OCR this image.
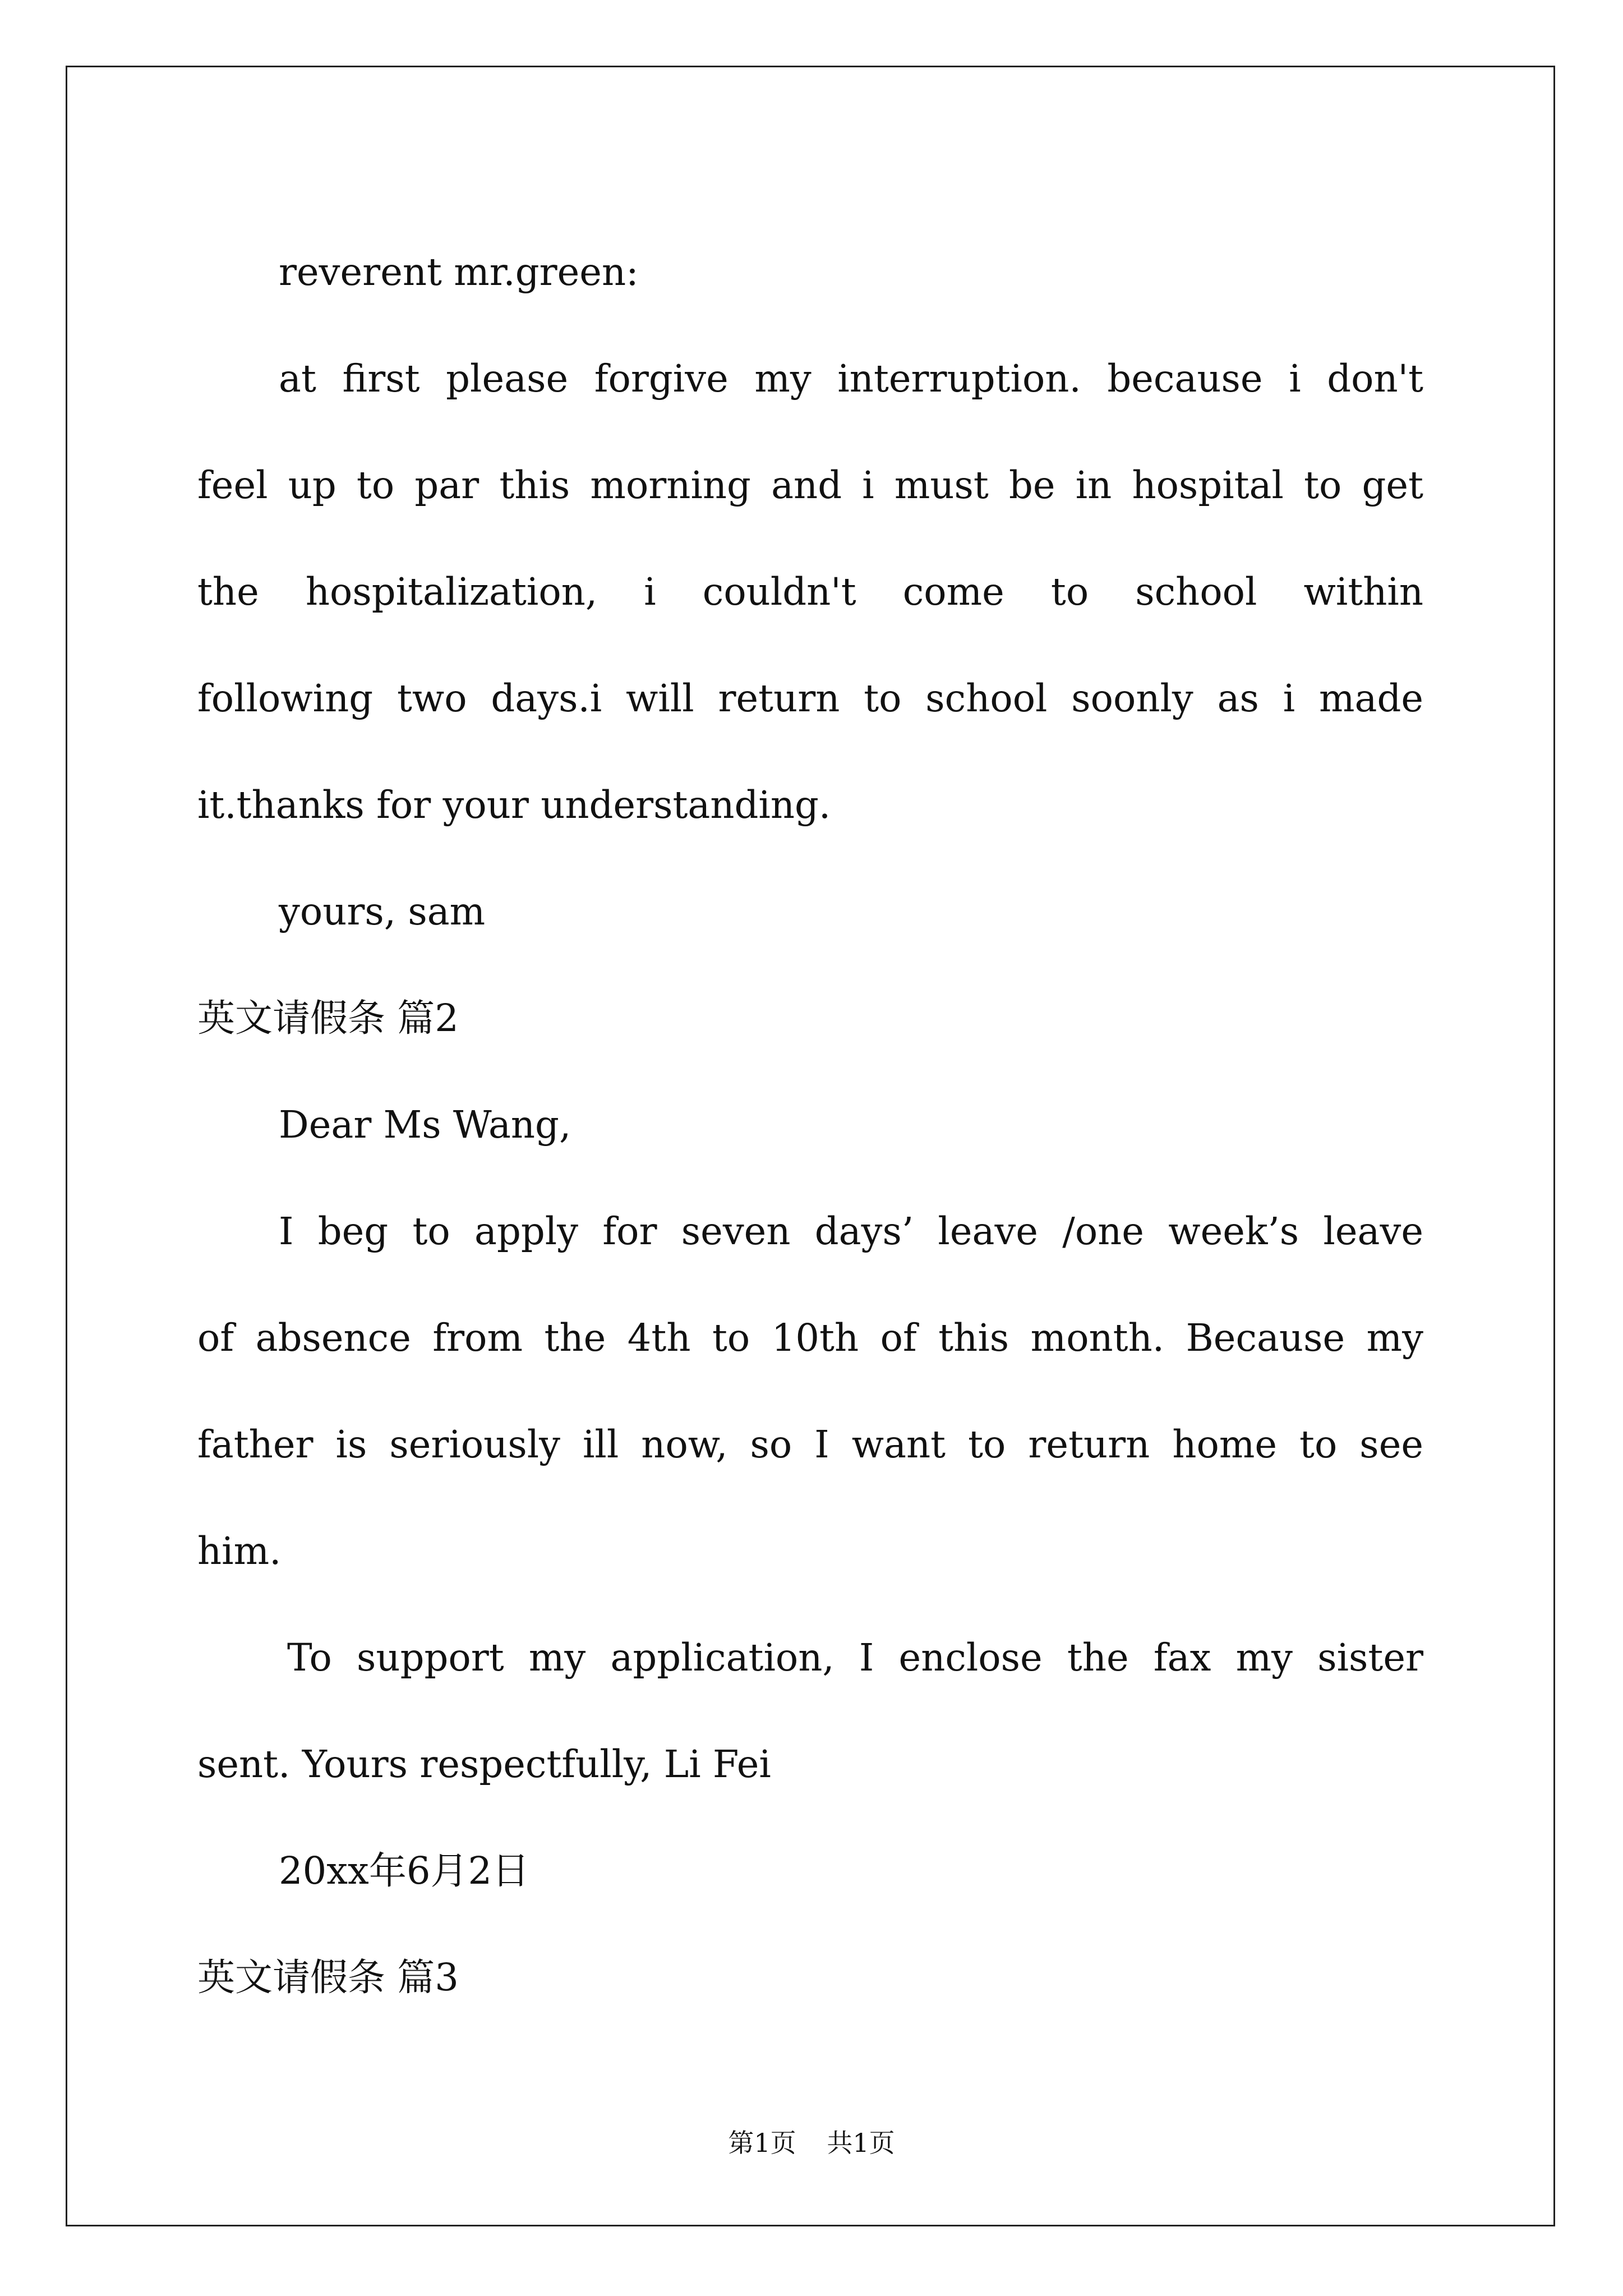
reverent mr.green:
at first please forgive my interruption. because i don't
feel up to par this morning and i must be in hospital to get
the hospitalization, i couldn't come to school within
following two days.i will return to school soonly as i made
it.thanks for your understanding.
yours, sam
英文请假条 篇2
Dear Ms Wang,
I beg to apply for seven days’ leave /one week’s leave
of absence from the 4th to 10th of this month. Because my
father is seriously ill now, so I want to return home to see
him.
To support my application, I enclose the fax my sister
sent. Yours respectfully, Li Fei
20xx年6月2日
英文请假条 篇3
第1页 共1页
